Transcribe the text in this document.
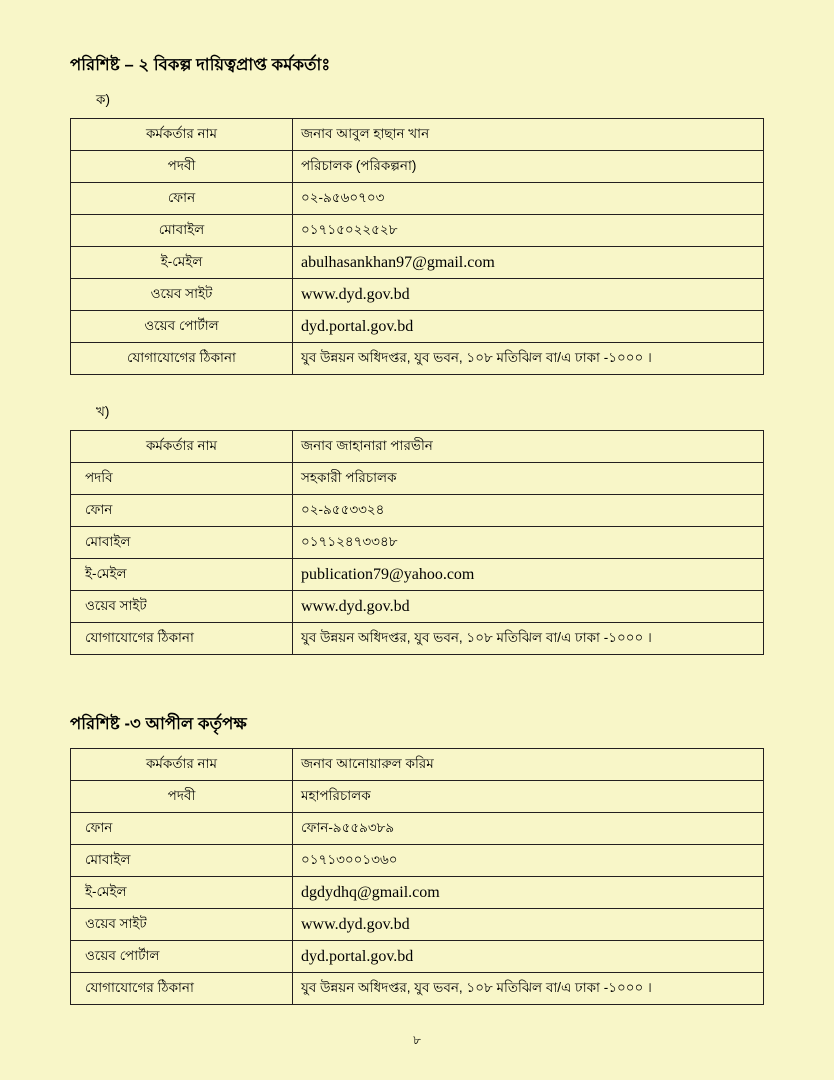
পরিশিষ্ট – ২ বিকল্প দায়িত্বপ্রাপ্ত কর্মকর্তাঃ
ক)
কর্মকর্তার নাম	জনাব আবুল হাছান খান
পদবী	পরিচালক (পরিকল্পনা)
ফোন	০২-৯৫৬০৭০৩
মোবাইল	০১৭১৫০২২৫২৮
ই-মেইল	abulhasankhan97@gmail.com
ওয়েব সাইট	www.dyd.gov.bd
ওয়েব পোর্টাল	dyd.portal.gov.bd
যোগাযোগের ঠিকানা	যুব উন্নয়ন অধিদপ্তর, যুব ভবন, ১০৮ মতিঝিল বা/এ ঢাকা -১০০০ ।
খ)
কর্মকর্তার নাম	জনাব জাহানারা পারভীন
পদবি	সহকারী পরিচালক
ফোন	০২-৯৫৫৩৩২৪
মোবাইল	০১৭১২৪৭৩৩৪৮
ই-মেইল	publication79@yahoo.com
ওয়েব সাইট	www.dyd.gov.bd
যোগাযোগের ঠিকানা	যুব উন্নয়ন অধিদপ্তর, যুব ভবন, ১০৮ মতিঝিল বা/এ ঢাকা -১০০০ ।
পরিশিষ্ট -৩ আপীল কর্তৃপক্ষ
কর্মকর্তার নাম	জনাব আনোয়ারুল করিম
পদবী	মহাপরিচালক
ফোন	ফোন-৯৫৫৯৩৮৯
মোবাইল	০১৭১৩০০১৩৬০
ই-মেইল	dgdydhq@gmail.com
ওয়েব সাইট	www.dyd.gov.bd
ওয়েব পোর্টাল	dyd.portal.gov.bd
যোগাযোগের ঠিকানা	যুব উন্নয়ন অধিদপ্তর, যুব ভবন, ১০৮ মতিঝিল বা/এ ঢাকা -১০০০ ।
৮
